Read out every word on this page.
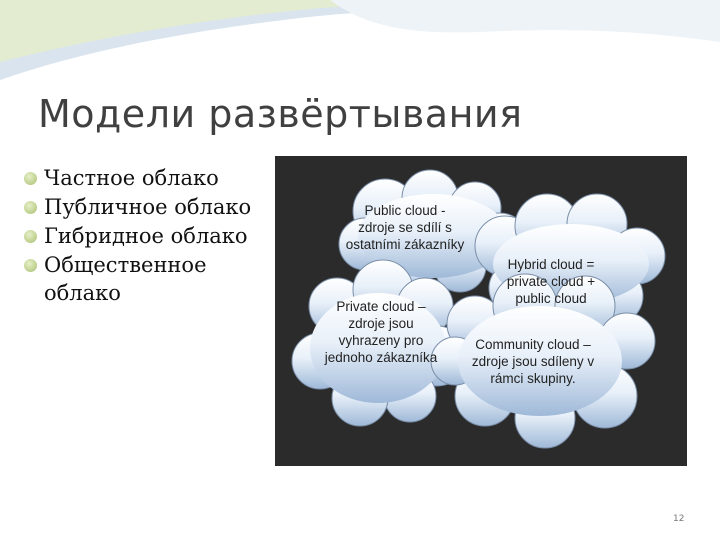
Модели развёртывания
Частное облако
Публичное облако
Гибридное облако
Общественное облако
Public cloud - zdroje se sdílí s ostatními zákazníky
Hybrid cloud = private cloud + public cloud
Private cloud – zdroje jsou vyhrazeny pro jednoho zákazníka
Community cloud – zdroje jsou sdíleny v rámci skupiny.
12
